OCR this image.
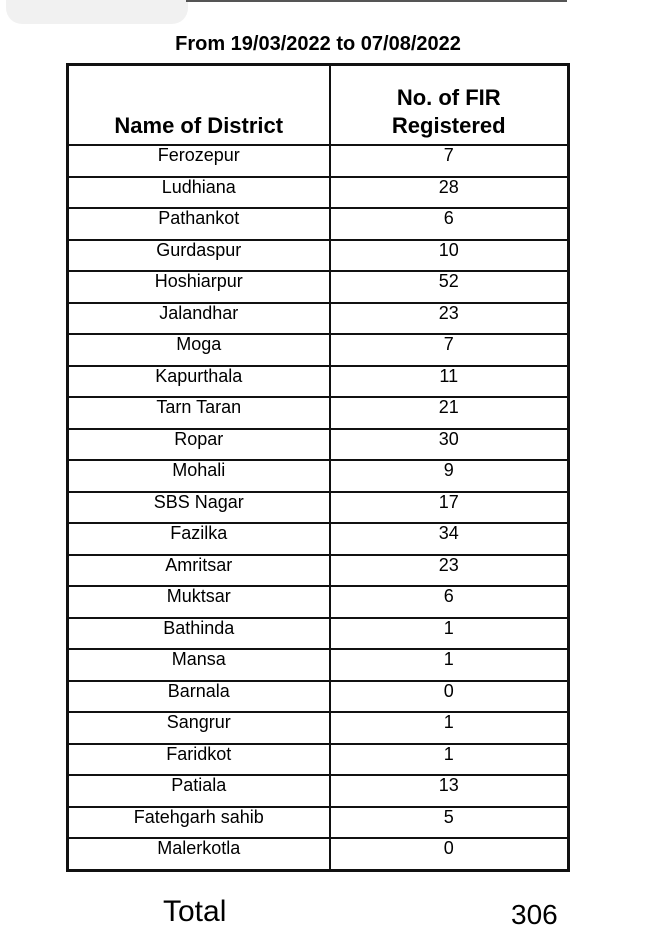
From 19/03/2022 to 07/08/2022
Name of District	No. of FIR
Registered
Ferozepur	7
Ludhiana	28
Pathankot	6
Gurdaspur	10
Hoshiarpur	52
Jalandhar	23
Moga	7
Kapurthala	11
Tarn Taran	21
Ropar	30
Mohali	9
SBS Nagar	17
Fazilka	34
Amritsar	23
Muktsar	6
Bathinda	1
Mansa	1
Barnala	0
Sangrur	1
Faridkot	1
Patiala	13
Fatehgarh sahib	5
Malerkotla	0
Total	306
